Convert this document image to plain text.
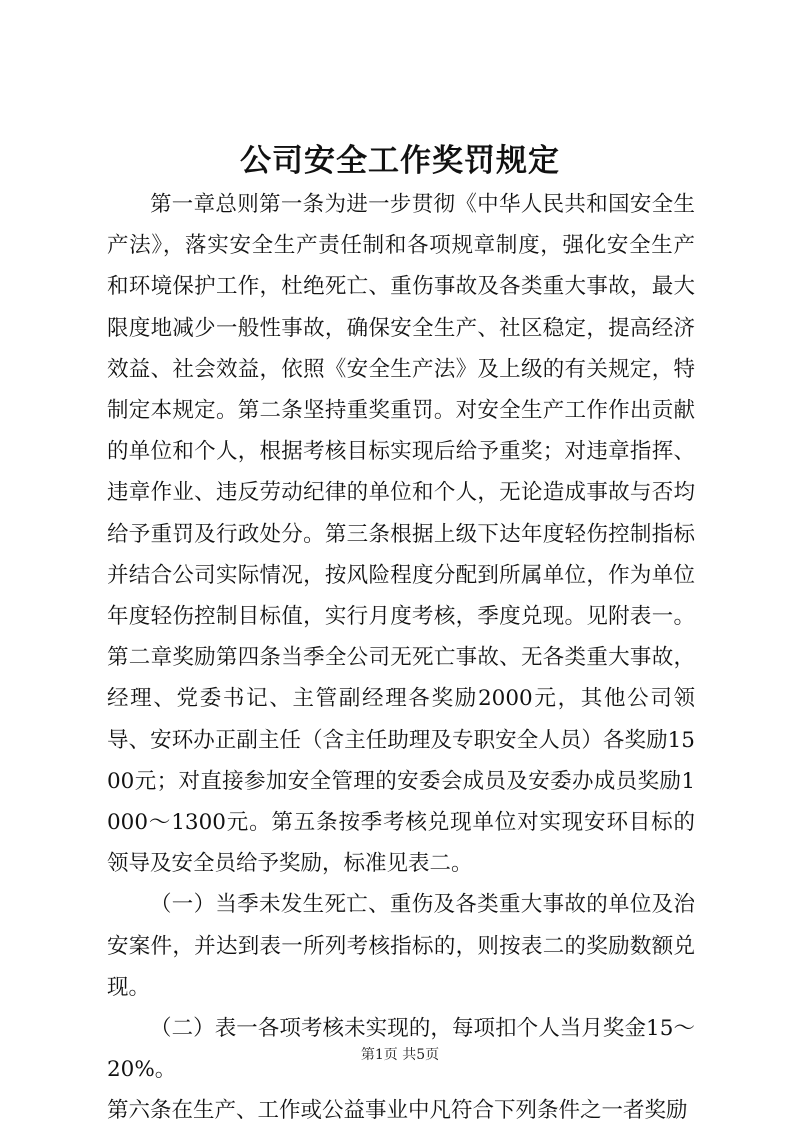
公司安全工作奖罚规定

第一章总则第一条为进一步贯彻《中华人民共和国安全生产法》，落实安全生产责任制和各项规章制度，强化安全生产和环境保护工作，杜绝死亡、重伤事故及各类重大事故，最大限度地减少一般性事故，确保安全生产、社区稳定，提高经济效益、社会效益，依照《安全生产法》及上级的有关规定，特制定本规定。第二条坚持重奖重罚。对安全生产工作作出贡献的单位和个人，根据考核目标实现后给予重奖；对违章指挥、违章作业、违反劳动纪律的单位和个人，无论造成事故与否均给予重罚及行政处分。第三条根据上级下达年度轻伤控制指标并结合公司实际情况，按风险程度分配到所属单位，作为单位年度轻伤控制目标值，实行月度考核，季度兑现。见附表一。第二章奖励第四条当季全公司无死亡事故、无各类重大事故，经理、党委书记、主管副经理各奖励2000元，其他公司领导、安环办正副主任（含主任助理及专职安全人员）各奖励1500元；对直接参加安全管理的安委会成员及安委办成员奖励1000～1300元。第五条按季考核兑现单位对实现安环目标的领导及安全员给予奖励，标准见表二。

（一）当季未发生死亡、重伤及各类重大事故的单位及治安案件，并达到表一所列考核指标的，则按表二的奖励数额兑现。

（二）表一各项考核未实现的，每项扣个人当月奖金15～20%。

第六条在生产、工作或公益事业中凡符合下列条件之一者奖励

第1页 共5页
